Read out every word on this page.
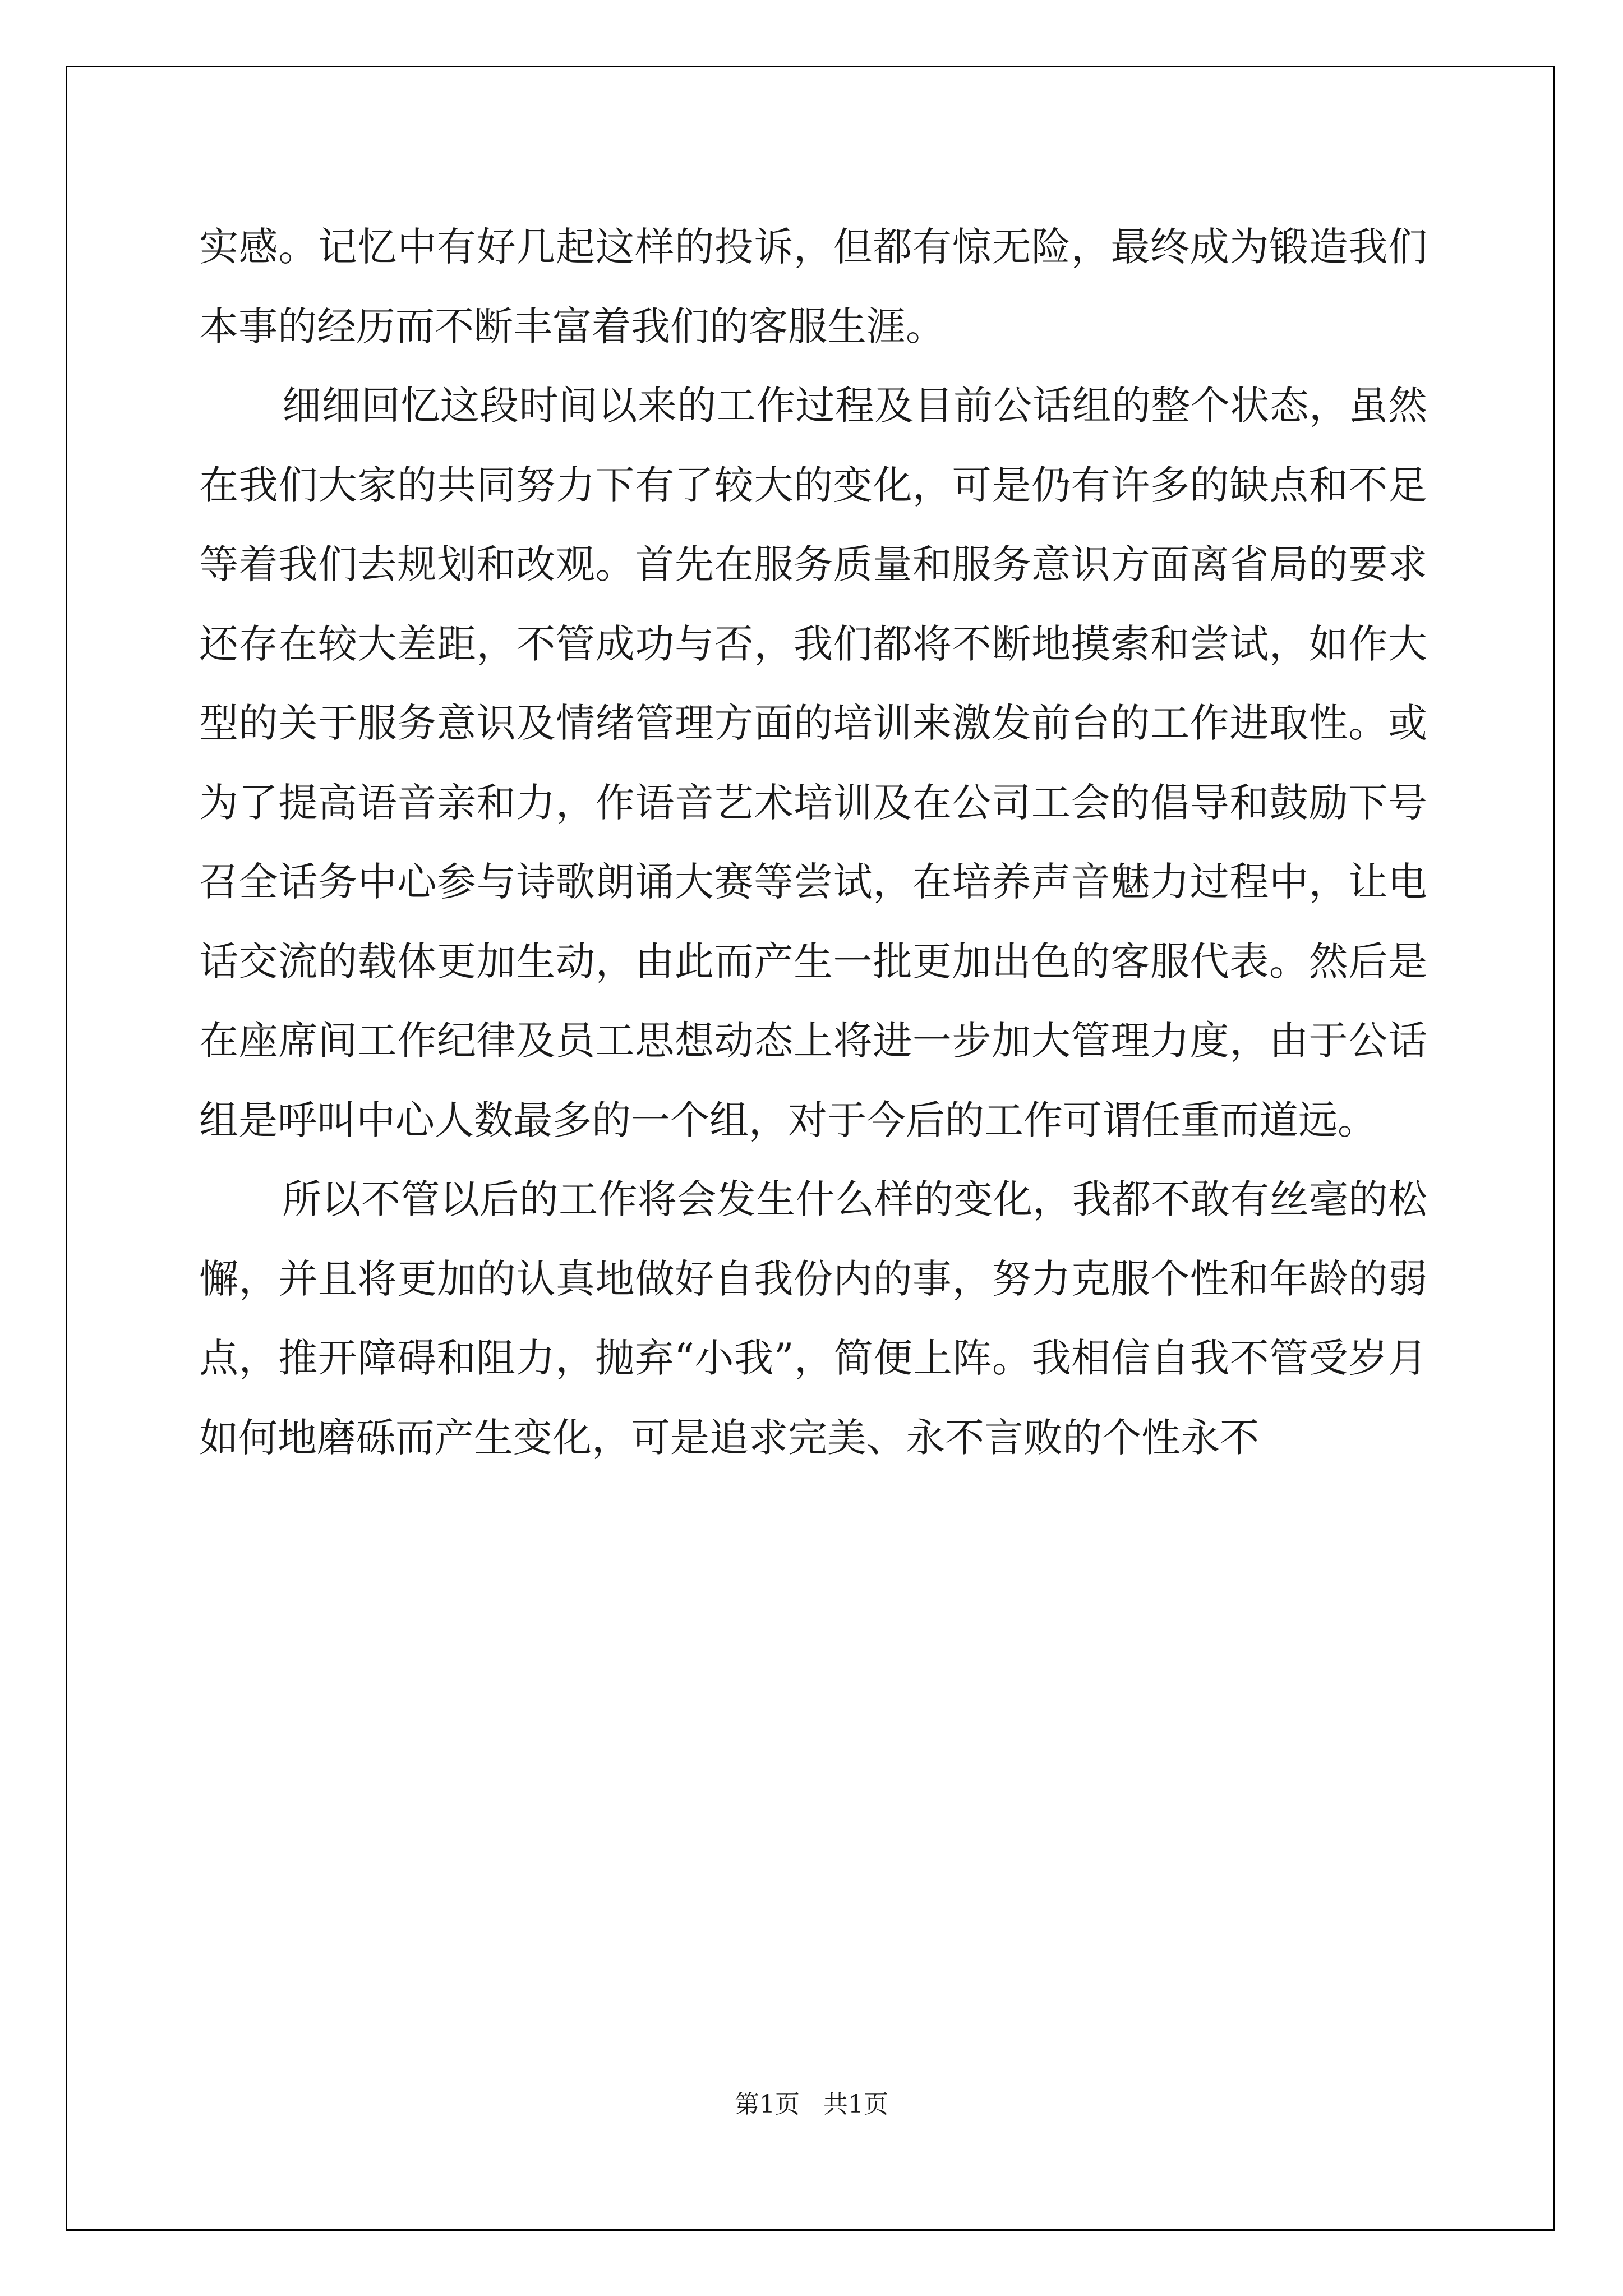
实感。记忆中有好几起这样的投诉，但都有惊无险，最终成为锻造我们本事的经历而不断丰富着我们的客服生涯。

细细回忆这段时间以来的工作过程及目前公话组的整个状态，虽然在我们大家的共同努力下有了较大的变化，可是仍有许多的缺点和不足等着我们去规划和改观。首先在服务质量和服务意识方面离省局的要求还存在较大差距，不管成功与否，我们都将不断地摸索和尝试，如作大型的关于服务意识及情绪管理方面的培训来激发前台的工作进取性。或为了提高语音亲和力，作语音艺术培训及在公司工会的倡导和鼓励下号召全话务中心参与诗歌朗诵大赛等尝试，在培养声音魅力过程中，让电话交流的载体更加生动，由此而产生一批更加出色的客服代表。然后是在座席间工作纪律及员工思想动态上将进一步加大管理力度，由于公话组是呼叫中心人数最多的一个组，对于今后的工作可谓任重而道远。

所以不管以后的工作将会发生什么样的变化，我都不敢有丝毫的松懈，并且将更加的认真地做好自我份内的事，努力克服个性和年龄的弱点，推开障碍和阻力，抛弃“小我”，简便上阵。我相信自我不管受岁月如何地磨砾而产生变化，可是追求完美、永不言败的个性永不

第1页 共1页
